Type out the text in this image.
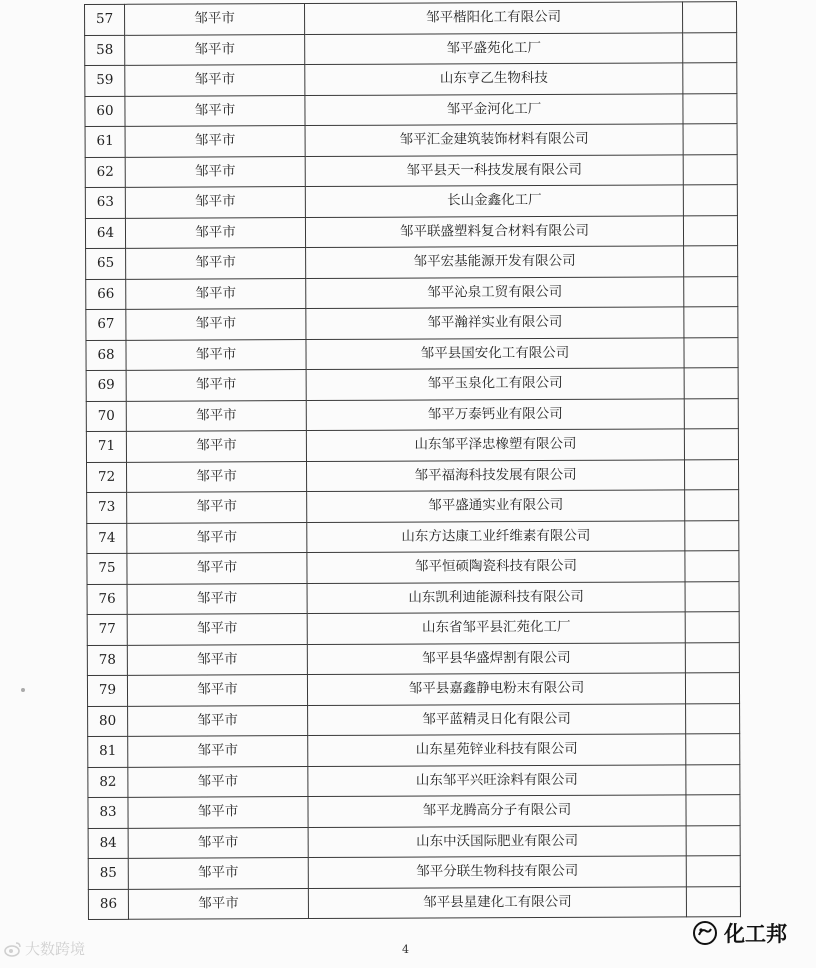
57	邹平市	邹平楷阳化工有限公司	
58	邹平市	邹平盛苑化工厂	
59	邹平市	山东亨乙生物科技	
60	邹平市	邹平金河化工厂	
61	邹平市	邹平汇金建筑装饰材料有限公司	
62	邹平市	邹平县天一科技发展有限公司	
63	邹平市	长山金鑫化工厂	
64	邹平市	邹平联盛塑料复合材料有限公司	
65	邹平市	邹平宏基能源开发有限公司	
66	邹平市	邹平沁泉工贸有限公司	
67	邹平市	邹平瀚祥实业有限公司	
68	邹平市	邹平县国安化工有限公司	
69	邹平市	邹平玉泉化工有限公司	
70	邹平市	邹平万泰钙业有限公司	
71	邹平市	山东邹平泽忠橡塑有限公司	
72	邹平市	邹平福海科技发展有限公司	
73	邹平市	邹平盛通实业有限公司	
74	邹平市	山东方达康工业纤维素有限公司	
75	邹平市	邹平恒硕陶瓷科技有限公司	
76	邹平市	山东凯利迪能源科技有限公司	
77	邹平市	山东省邹平县汇苑化工厂	
78	邹平市	邹平县华盛焊割有限公司	
79	邹平市	邹平县嘉鑫静电粉末有限公司	
80	邹平市	邹平蓝精灵日化有限公司	
81	邹平市	山东星苑锌业科技有限公司	
82	邹平市	山东邹平兴旺涂料有限公司	
83	邹平市	邹平龙腾高分子有限公司	
84	邹平市	山东中沃国际肥业有限公司	
85	邹平市	邹平分联生物科技有限公司	
86	邹平市	邹平县星建化工有限公司	
4
大数跨境
化工邦
